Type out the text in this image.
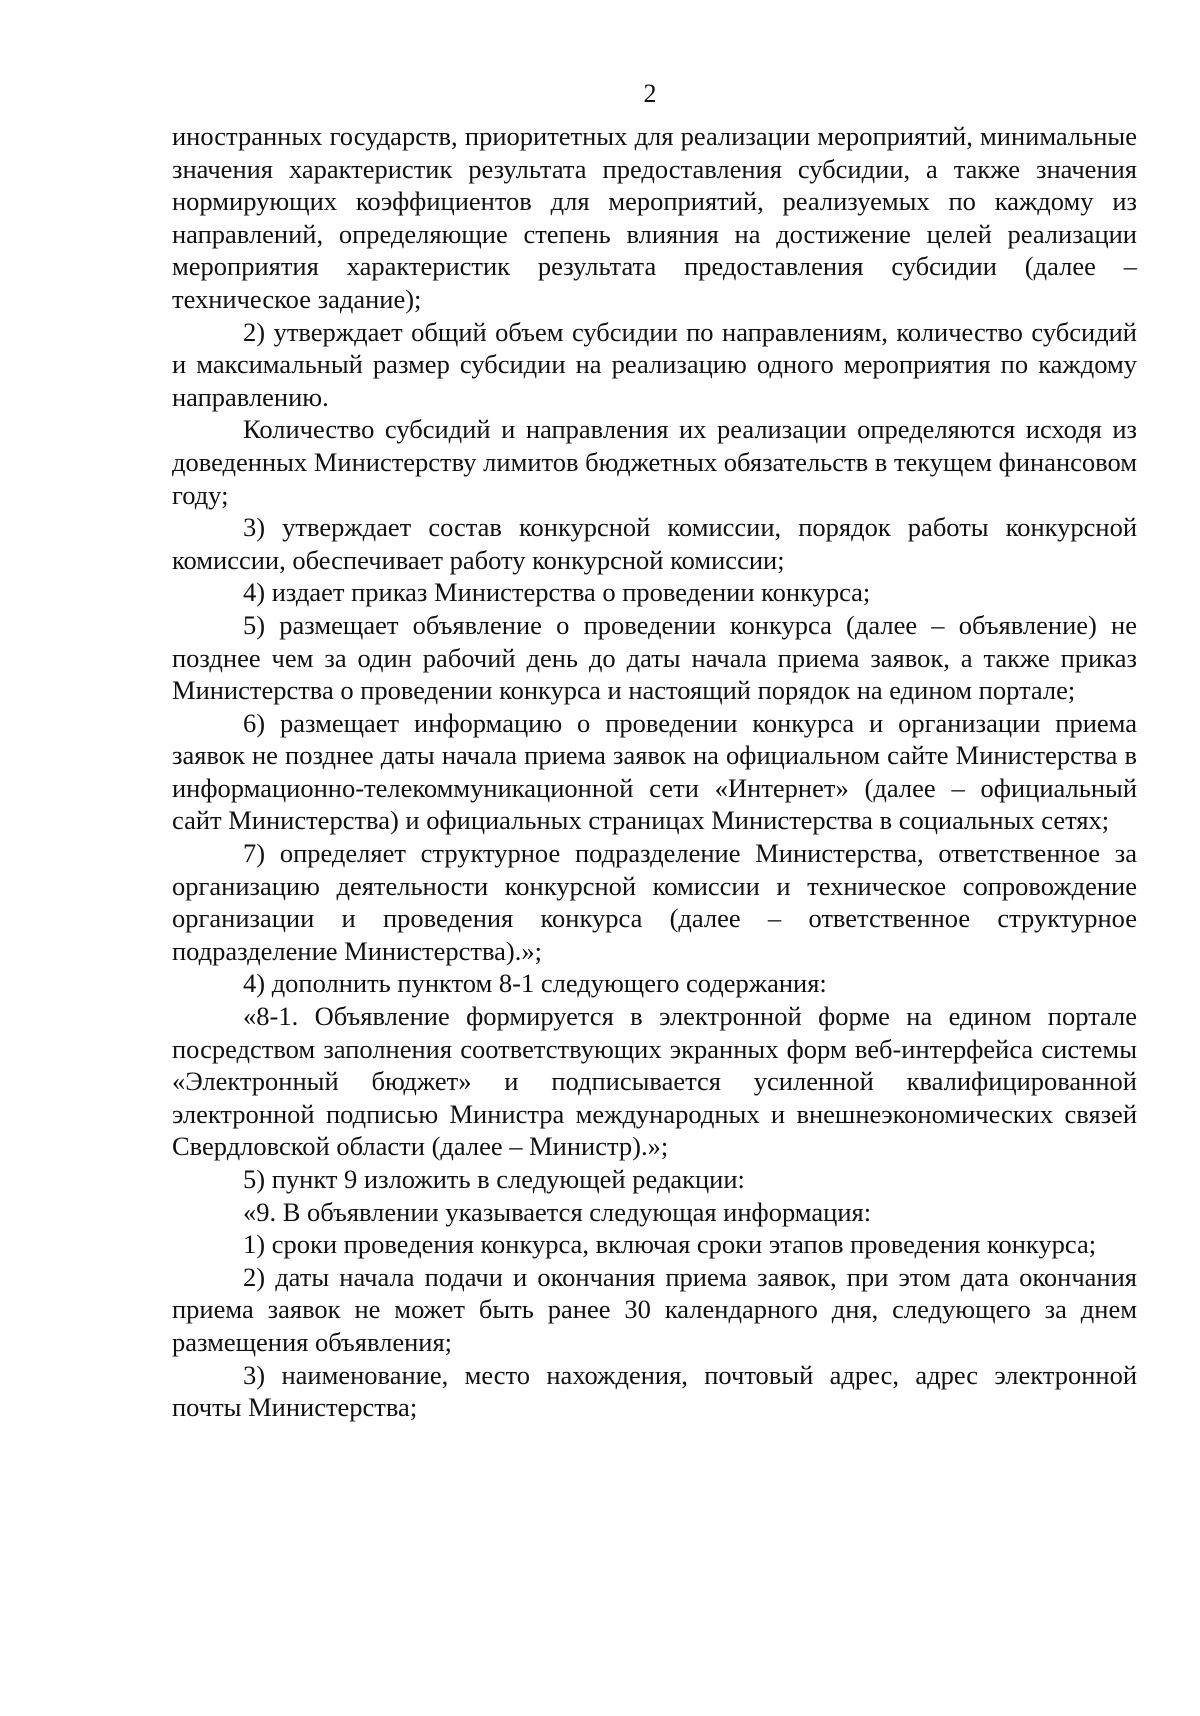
2

иностранных государств, приоритетных для реализации мероприятий, минимальные значения характеристик результата предоставления субсидии, а также значения нормирующих коэффициентов для мероприятий, реализуемых по каждому из направлений, определяющие степень влияния на достижение целей реализации мероприятия характеристик результата предоставления субсидии (далее – техническое задание);

2) утверждает общий объем субсидии по направлениям, количество субсидий и максимальный размер субсидии на реализацию одного мероприятия по каждому направлению.

Количество субсидий и направления их реализации определяются исходя из доведенных Министерству лимитов бюджетных обязательств в текущем финансовом году;

3) утверждает состав конкурсной комиссии, порядок работы конкурсной комиссии, обеспечивает работу конкурсной комиссии;

4) издает приказ Министерства о проведении конкурса;

5) размещает объявление о проведении конкурса (далее – объявление) не позднее чем за один рабочий день до даты начала приема заявок, а также приказ Министерства о проведении конкурса и настоящий порядок на едином портале;

6) размещает информацию о проведении конкурса и организации приема заявок не позднее даты начала приема заявок на официальном сайте Министерства в информационно-телекоммуникационной сети «Интернет» (далее – официальный сайт Министерства) и официальных страницах Министерства в социальных сетях;

7) определяет структурное подразделение Министерства, ответственное за организацию деятельности конкурсной комиссии и техническое сопровождение организации и проведения конкурса (далее – ответственное структурное подразделение Министерства).»;

4) дополнить пунктом 8-1 следующего содержания:

«8-1. Объявление формируется в электронной форме на едином портале посредством заполнения соответствующих экранных форм веб-интерфейса системы «Электронный бюджет» и подписывается усиленной квалифицированной электронной подписью Министра международных и внешнеэкономических связей Свердловской области (далее – Министр).»;

5) пункт 9 изложить в следующей редакции:

«9. В объявлении указывается следующая информация:

1) сроки проведения конкурса, включая сроки этапов проведения конкурса;

2) даты начала подачи и окончания приема заявок, при этом дата окончания приема заявок не может быть ранее 30 календарного дня, следующего за днем размещения объявления;

3) наименование, место нахождения, почтовый адрес, адрес электронной почты Министерства;
